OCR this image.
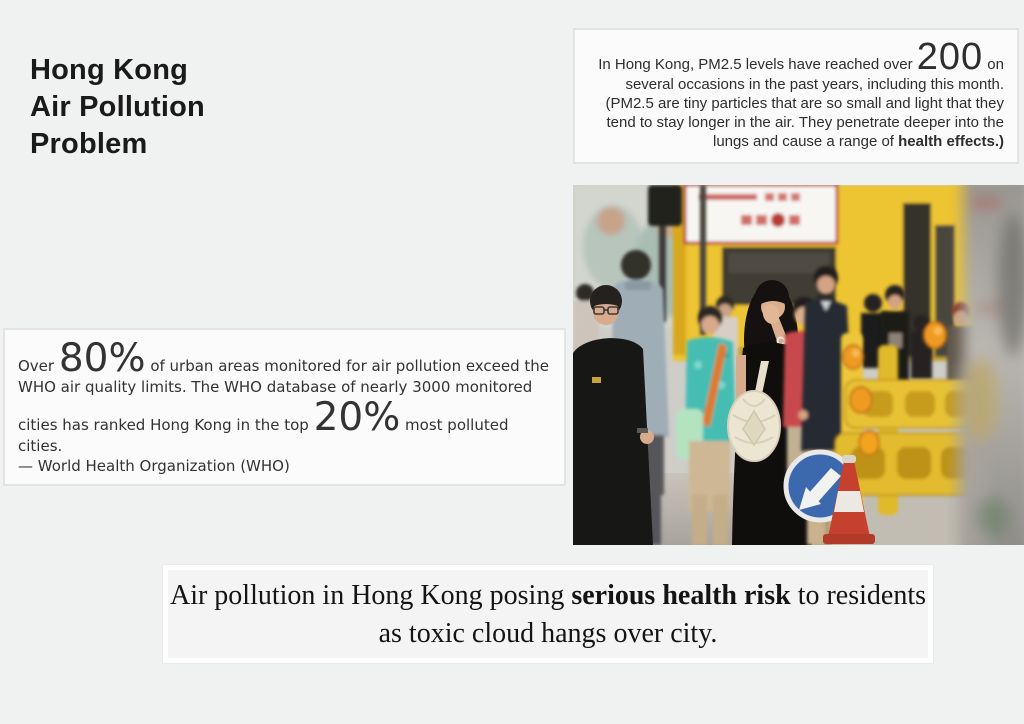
Hong Kong
Air Pollution
Problem
In Hong Kong, PM2.5 levels have reached over 200 on several occasions in the past years, including this month. (PM2.5 are tiny particles that are so small and light that they tend to stay longer in the air. They penetrate deeper into the lungs and cause a range of health effects.)
Over 80% of urban areas monitored for air pollution exceed the WHO air quality limits. The WHO database of nearly 3000 monitored cities has ranked Hong Kong in the top 20% most polluted cities.
— World Health Organization (WHO)
Air pollution in Hong Kong posing serious health risk to residents as toxic cloud hangs over city.
